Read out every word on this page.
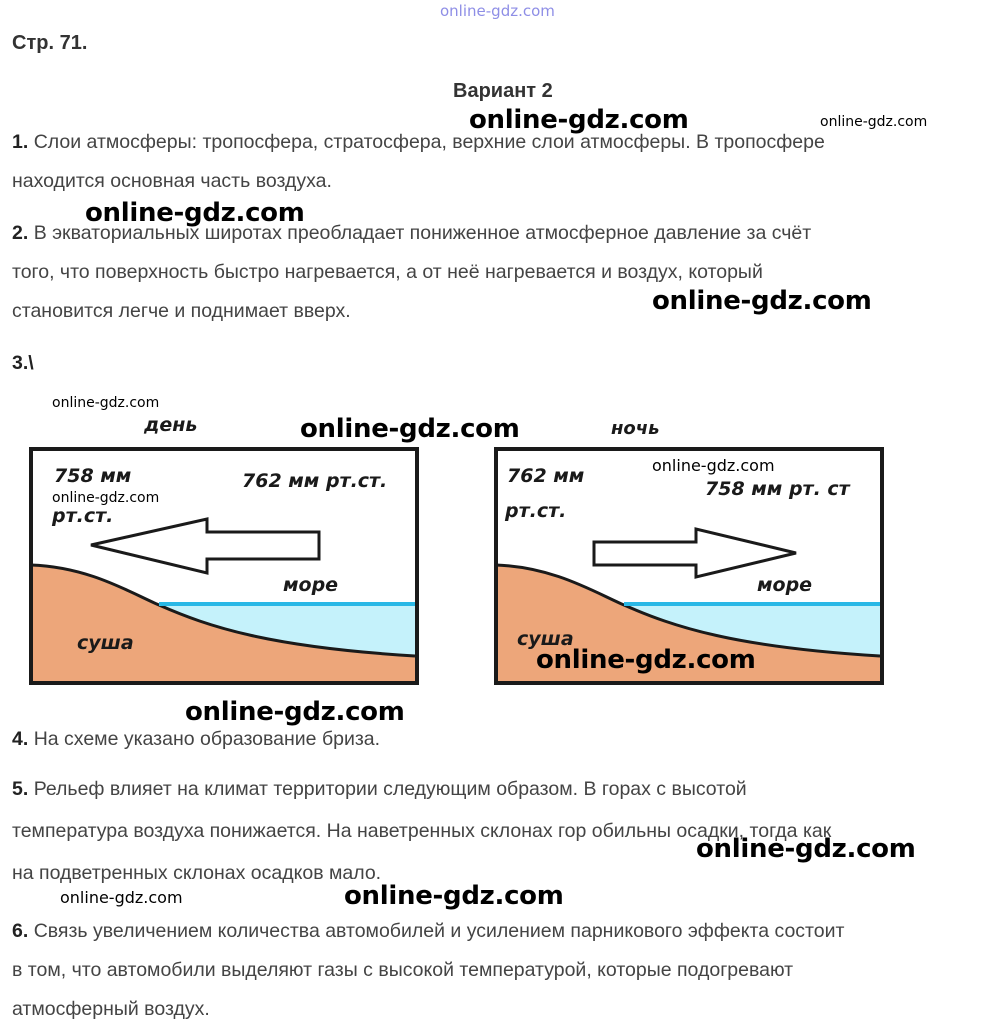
online-gdz.com
Стр. 71.
Вариант 2
1. Слои атмосферы: тропосфера, стратосфера, верхние слои атмосферы. В тропосфере
находится основная часть воздуха.
2. В экваториальных широтах преобладает пониженное атмосферное давление за счёт
того, что поверхность быстро нагревается, а от неё нагревается и воздух, который
становится легче и поднимает вверх.
3.\
день
758 мм
рт.ст.
762 мм рт.ст.
море
суша
ночь
762 мм
рт.ст.
758 мм рт. ст
море
суша
4. На схеме указано образование бриза.
5. Рельеф влияет на климат территории следующим образом. В горах с высотой
температура воздуха понижается. На наветренных склонах гор обильны осадки, тогда как
на подветренных склонах осадков мало.
6. Связь увеличением количества автомобилей и усилением парникового эффекта состоит
в том, что автомобили выделяют газы с высокой температурой, которые подогревают
атмосферный воздух.
online-gdz.com	online-gdz.com
online-gdz.com
online-gdz.com
online-gdz.com
online-gdz.com
online-gdz.com
online-gdz.com
online-gdz.com
online-gdz.com
online-gdz.com
online-gdz.com	online-gdz.com
